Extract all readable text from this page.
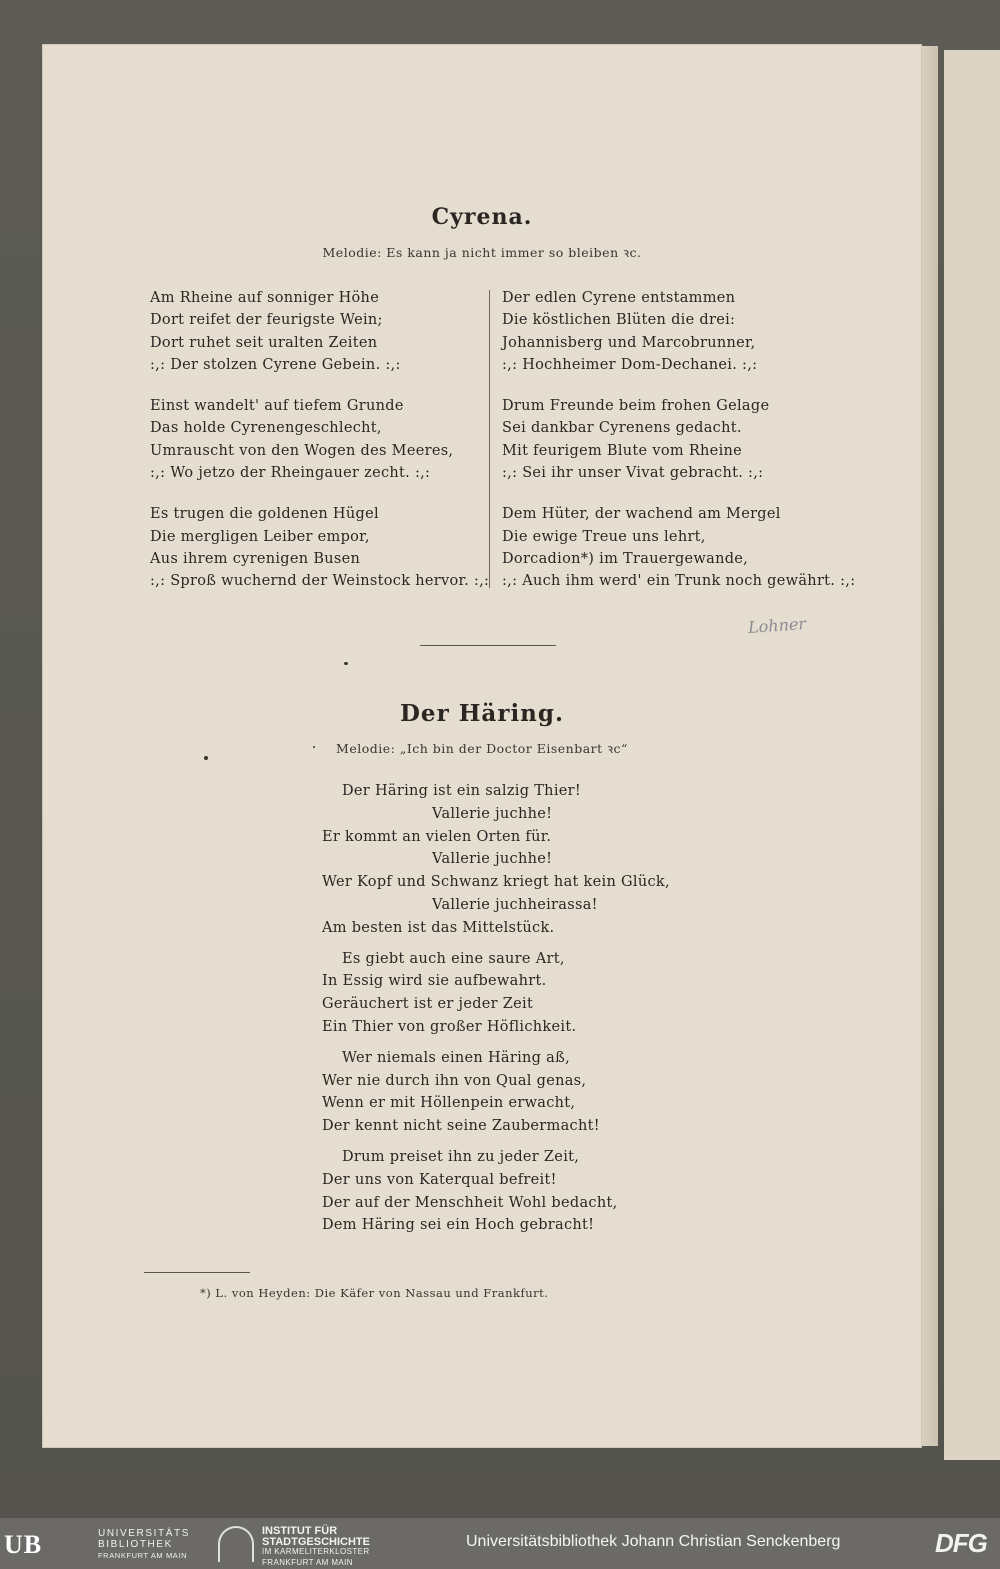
Cyrena.
Melodie: Es kann ja nicht immer so bleiben ꝛc.
Am Rheine auf sonniger Höhe
Dort reifet der feurigste Wein;
Dort ruhet seit uralten Zeiten
:,: Der stolzen Cyrene Gebein. :,:
Einst wandelt' auf tiefem Grunde
Das holde Cyrenengeschlecht,
Umrauscht von den Wogen des Meeres,
:,: Wo jetzo der Rheingauer zecht. :,:
Es trugen die goldenen Hügel
Die mergligen Leiber empor,
Aus ihrem cyrenigen Busen
:,: Sproß wuchernd der Weinstock hervor. :,:
Der edlen Cyrene entstammen
Die köstlichen Blüten die drei:
Johannisberg und Marcobrunner,
:,: Hochheimer Dom-Dechanei. :,:
Drum Freunde beim frohen Gelage
Sei dankbar Cyrenens gedacht.
Mit feurigem Blute vom Rheine
:,: Sei ihr unser Vivat gebracht. :,:
Dem Hüter, der wachend am Mergel
Die ewige Treue uns lehrt,
Dorcadion*) im Trauergewande,
:,: Auch ihm werd' ein Trunk noch gewährt. :,:
Lohner
Der Häring.
Melodie: „Ich bin der Doctor Eisenbart ꝛc“
Der Häring ist ein salzig Thier!
Vallerie juchhe!
Er kommt an vielen Orten für.
Vallerie juchhe!
Wer Kopf und Schwanz kriegt hat kein Glück,
Vallerie juchheirassa!
Am besten ist das Mittelstück.
Es giebt auch eine saure Art,
In Essig wird sie aufbewahrt.
Geräuchert ist er jeder Zeit
Ein Thier von großer Höflichkeit.
Wer niemals einen Häring aß,
Wer nie durch ihn von Qual genas,
Wenn er mit Höllenpein erwacht,
Der kennt nicht seine Zaubermacht!
Drum preiset ihn zu jeder Zeit,
Der uns von Katerqual befreit!
Der auf der Menschheit Wohl bedacht,
Dem Häring sei ein Hoch gebracht!
*) L. von Heyden: Die Käfer von Nassau und Frankfurt.
UB	UNIVERSITÄTS
BIBLIOTHEK
FRANKFURT AM MAIN
INSTITUT FÜR
STADTGESCHICHTE
IM KARMELITERKLOSTER
FRANKFURT AM MAIN
Universitätsbibliothek Johann Christian Senckenberg	DFG
